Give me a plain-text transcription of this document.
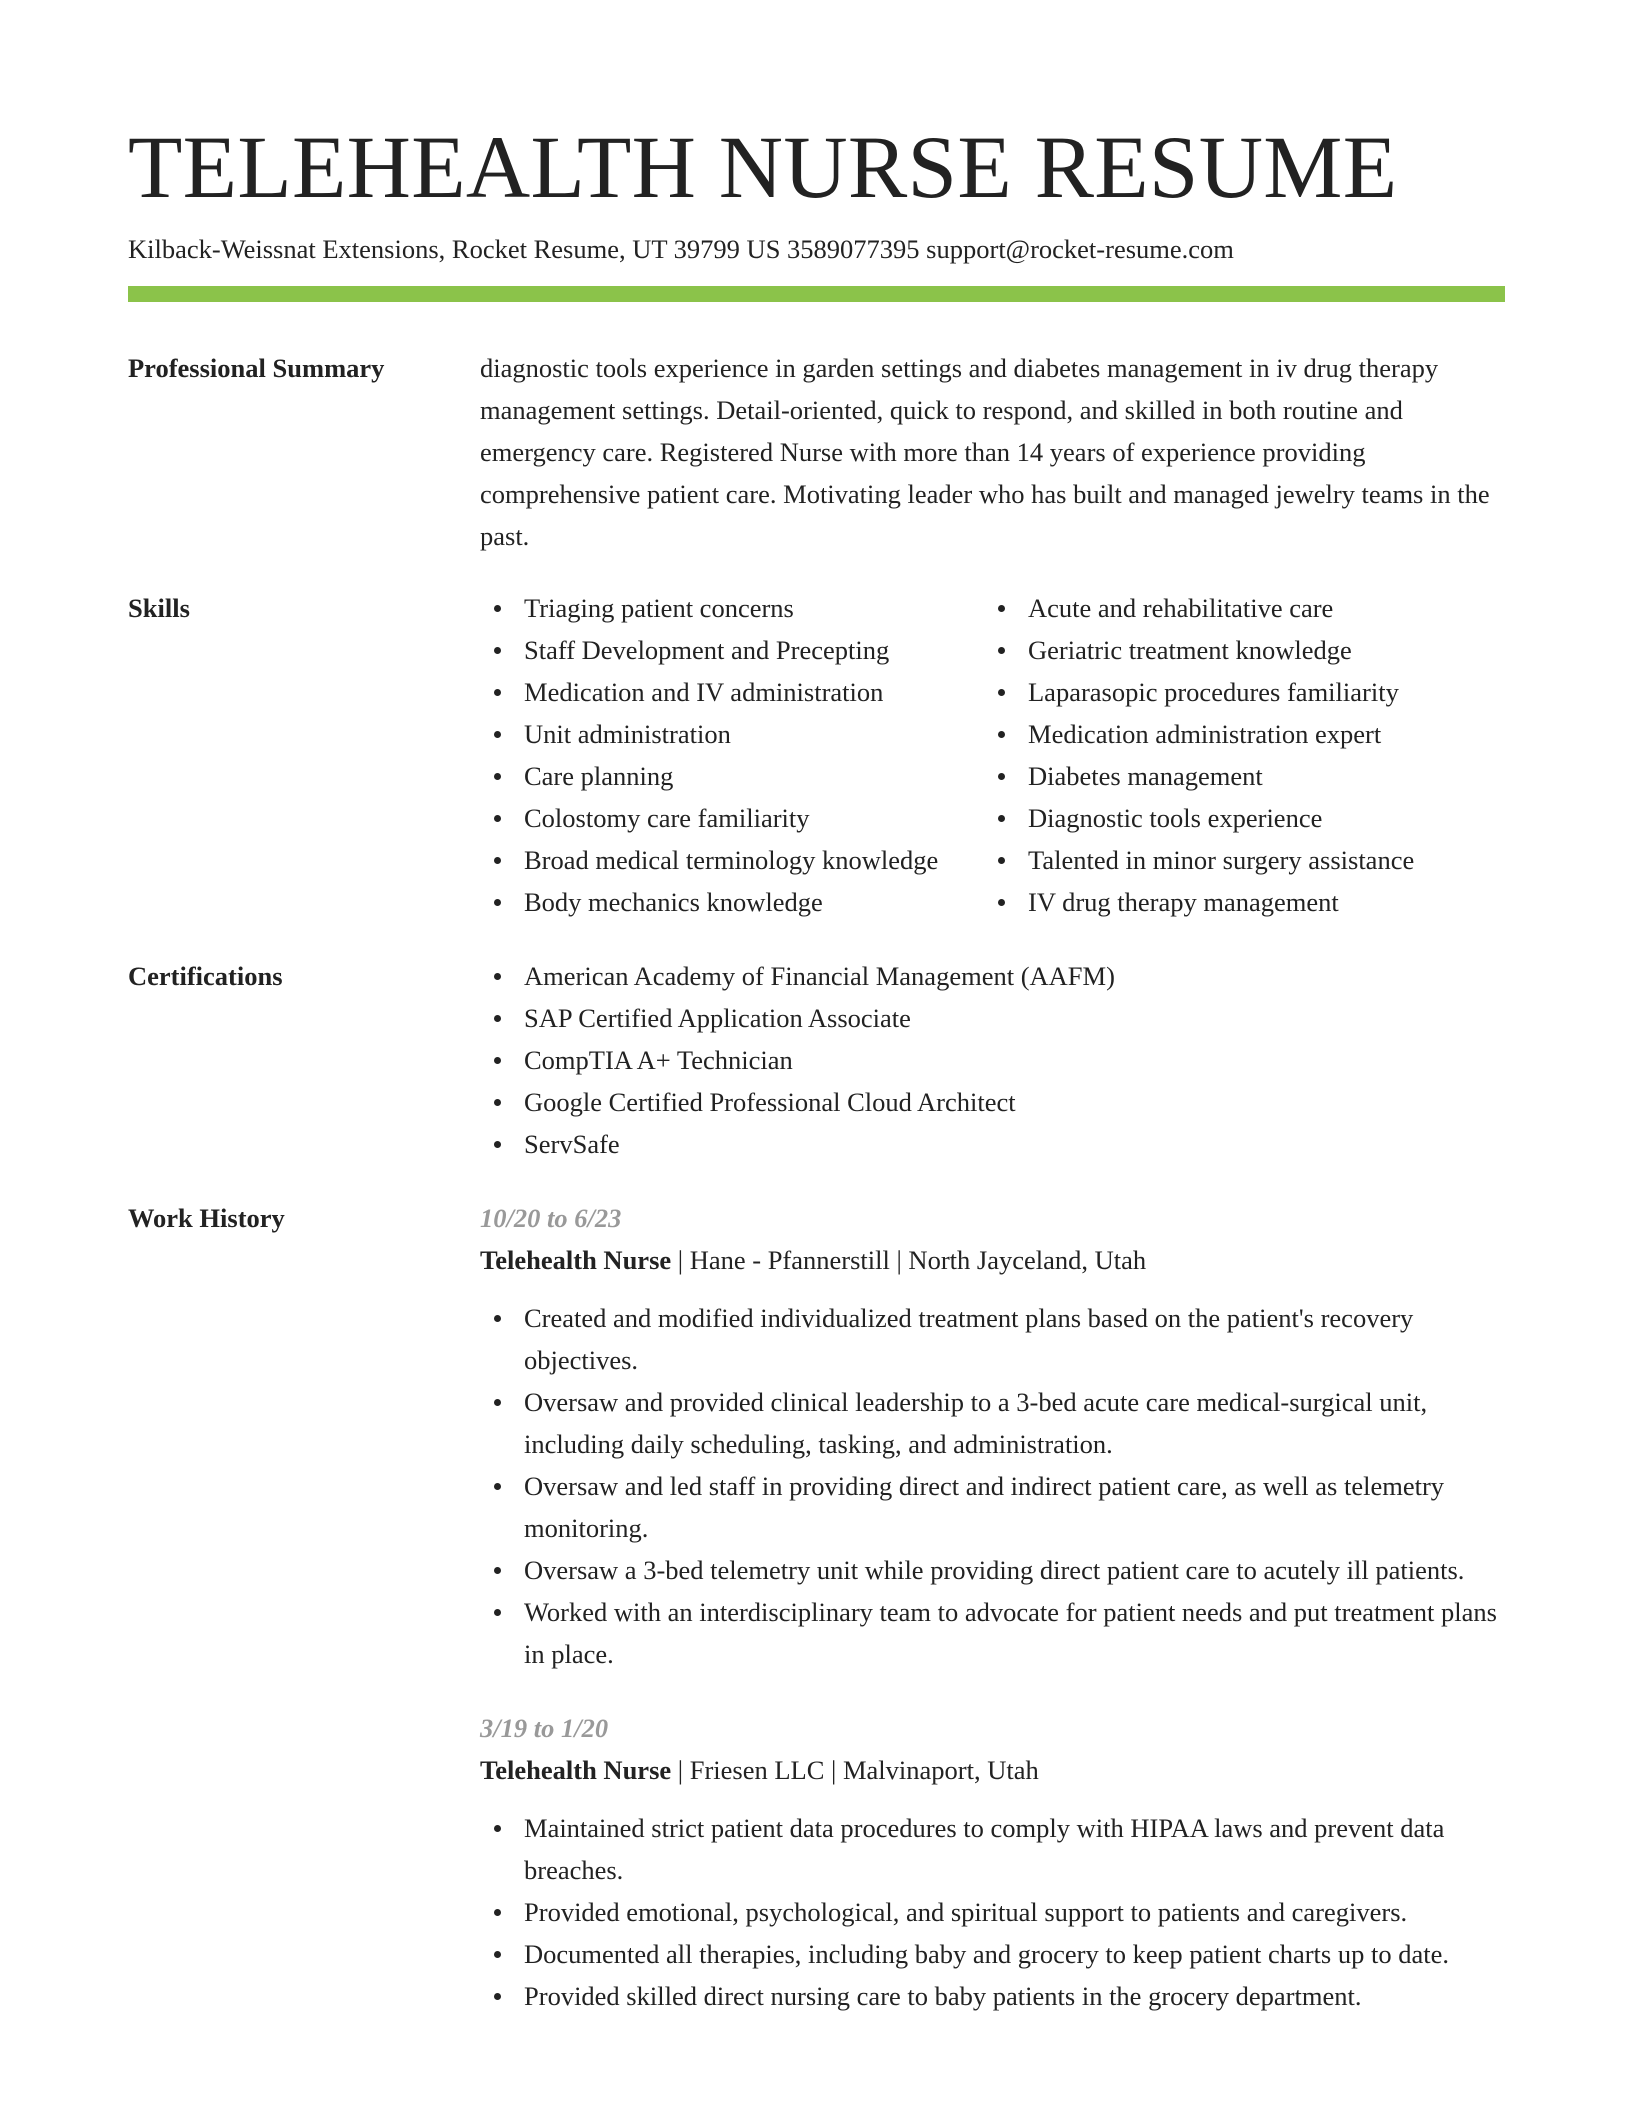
TELEHEALTH NURSE RESUME
Kilback-Weissnat Extensions, Rocket Resume, UT 39799 US 3589077395 support@rocket-resume.com
Professional Summary	diagnostic tools experience in garden settings and diabetes management in iv drug therapy management settings. Detail-oriented, quick to respond, and skilled in both routine and emergency care. Registered Nurse with more than 14 years of experience providing comprehensive patient care. Motivating leader who has built and managed jewelry teams in the past.

Skills	Triaging patient concerns
Staff Development and Precepting
Medication and IV administration
Unit administration
Care planning
Colostomy care familiarity
Broad medical terminology knowledge
Body mechanics knowledge
Acute and rehabilitative care
Geriatric treatment knowledge
Laparasopic procedures familiarity
Medication administration expert
Diabetes management
Diagnostic tools experience
Talented in minor surgery assistance
IV drug therapy management
Certifications	American Academy of Financial Management (AAFM)
SAP Certified Application Associate
CompTIA A+ Technician
Google Certified Professional Cloud Architect
ServSafe
Work History	10/20 to 6/23
Telehealth Nurse | Hane - Pfannerstill | North Jayceland, Utah
Created and modified individualized treatment plans based on the patient's recovery objectives.
Oversaw and provided clinical leadership to a 3-bed acute care medical-surgical unit, including daily scheduling, tasking, and administration.
Oversaw and led staff in providing direct and indirect patient care, as well as telemetry monitoring.
Oversaw a 3-bed telemetry unit while providing direct patient care to acutely ill patients.
Worked with an interdisciplinary team to advocate for patient needs and put treatment plans in place.
3/19 to 1/20
Telehealth Nurse | Friesen LLC | Malvinaport, Utah
Maintained strict patient data procedures to comply with HIPAA laws and prevent data breaches.
Provided emotional, psychological, and spiritual support to patients and caregivers.
Documented all therapies, including baby and grocery to keep patient charts up to date.
Provided skilled direct nursing care to baby patients in the grocery department.
